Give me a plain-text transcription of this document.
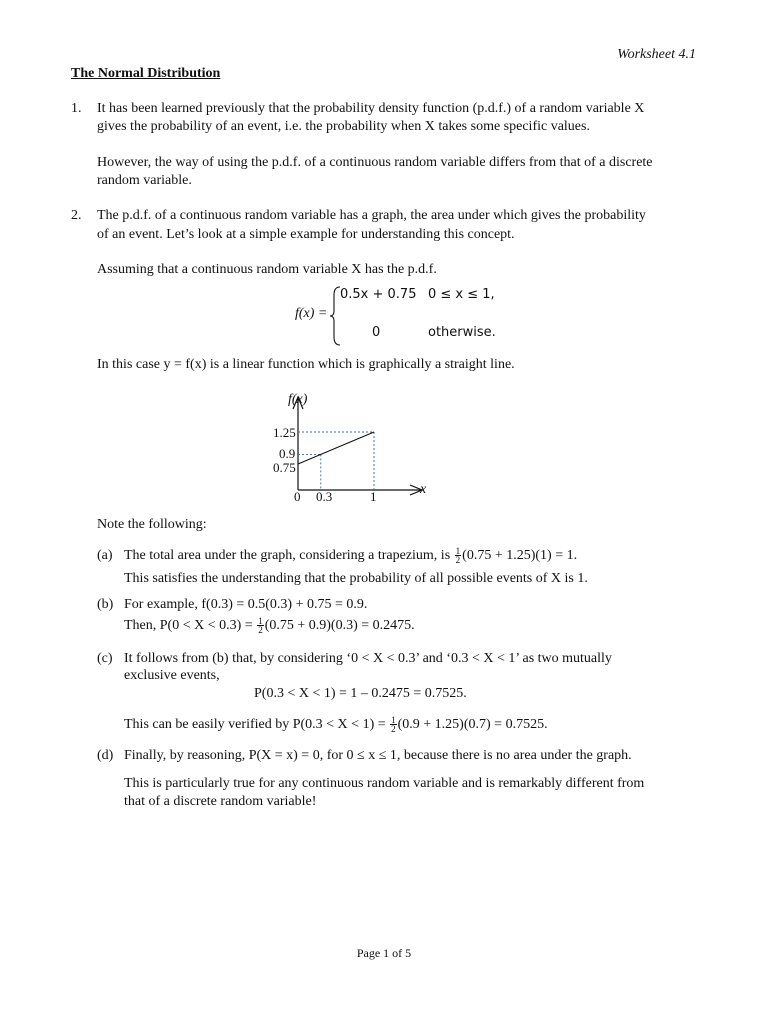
Worksheet 4.1
The Normal Distribution
1. It has been learned previously that the probability density function (p.d.f.) of a random variable X
gives the probability of an event, i.e. the probability when X takes some specific values.
However, the way of using the p.d.f. of a continuous random variable differs from that of a discrete
random variable.
2. The p.d.f. of a continuous random variable has a graph, the area under which gives the probability
of an event. Let’s look at a simple example for understanding this concept.
Assuming that a continuous random variable X has the p.d.f.
f(x) =
0.5x + 0.75 0 ≤ x ≤ 1,
0	otherwise.
In this case y = f(x) is a linear function which is graphically a straight line.
f(x)
x
1.25
0.9
0.75
0 0.3	1
Note the following:
(a) The total area under the graph, considering a trapezium, is $\frac{1}{2} (0.75 + 1.25)(1) = 1$.
This satisfies the understanding that the probability of all possible events of X is 1.
(b) For example, f(0.3) = 0.5(0.3) + 0.75 = 0.9.
Then, $P(0 < X < 0.3) = \frac{1}{2} (0.75 + 0.9)(0.3) = 0.2475$.
(c) It follows from (b) that, by considering ‘0 < X < 0.3’ and ‘0.3 < X < 1’ as two mutually
exclusive events,
P(0.3 < X < 1) = 1 – 0.2475 = 0.7525.
This can be easily verified by $P(0.3 < X < 1) = \frac{1}{2} (0.9 + 1.25)(0.7) = 0.7525$.
(d) Finally, by reasoning, P(X = x) = 0, for 0 ≤ x ≤ 1, because there is no area under the graph.
This is particularly true for any continuous random variable and is remarkably different from
that of a discrete random variable!
Page 1 of 5
